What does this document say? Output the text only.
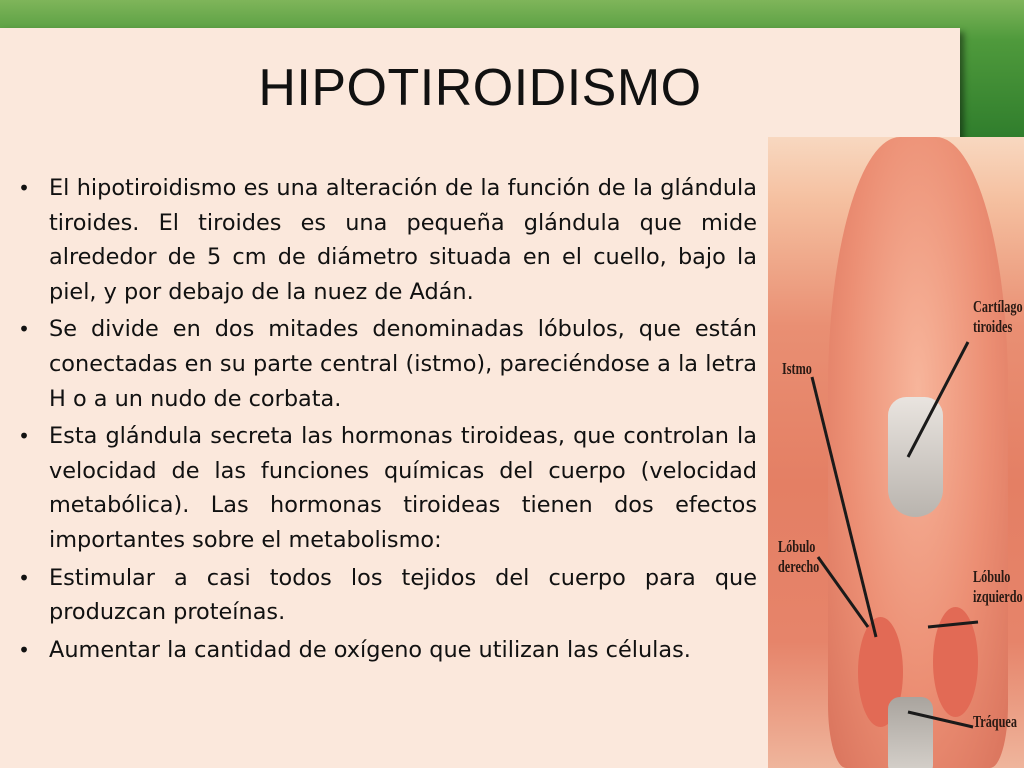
HIPOTIROIDISMO
• El hipotiroidismo es una alteración de la función de la glándula tiroides. El tiroides es una pequeña glándula que mide alrededor de 5 cm de diámetro situada en el cuello, bajo la piel, y por debajo de la nuez de Adán.
• Se divide en dos mitades denominadas lóbulos, que están conectadas en su parte central (istmo), pareciéndose a la letra H o a un nudo de corbata.
• Esta glándula secreta las hormonas tiroideas, que controlan la velocidad de las funciones químicas del cuerpo (velocidad metabólica). Las hormonas tiroideas tienen dos efectos importantes sobre el metabolismo:
• Estimular a casi todos los tejidos del cuerpo para que produzcan proteínas.
• Aumentar la cantidad de oxígeno que utilizan las células.
Istmo
Cartílago
tiroides
Lóbulo
derecho
Lóbulo
izquierdo
Tráquea
